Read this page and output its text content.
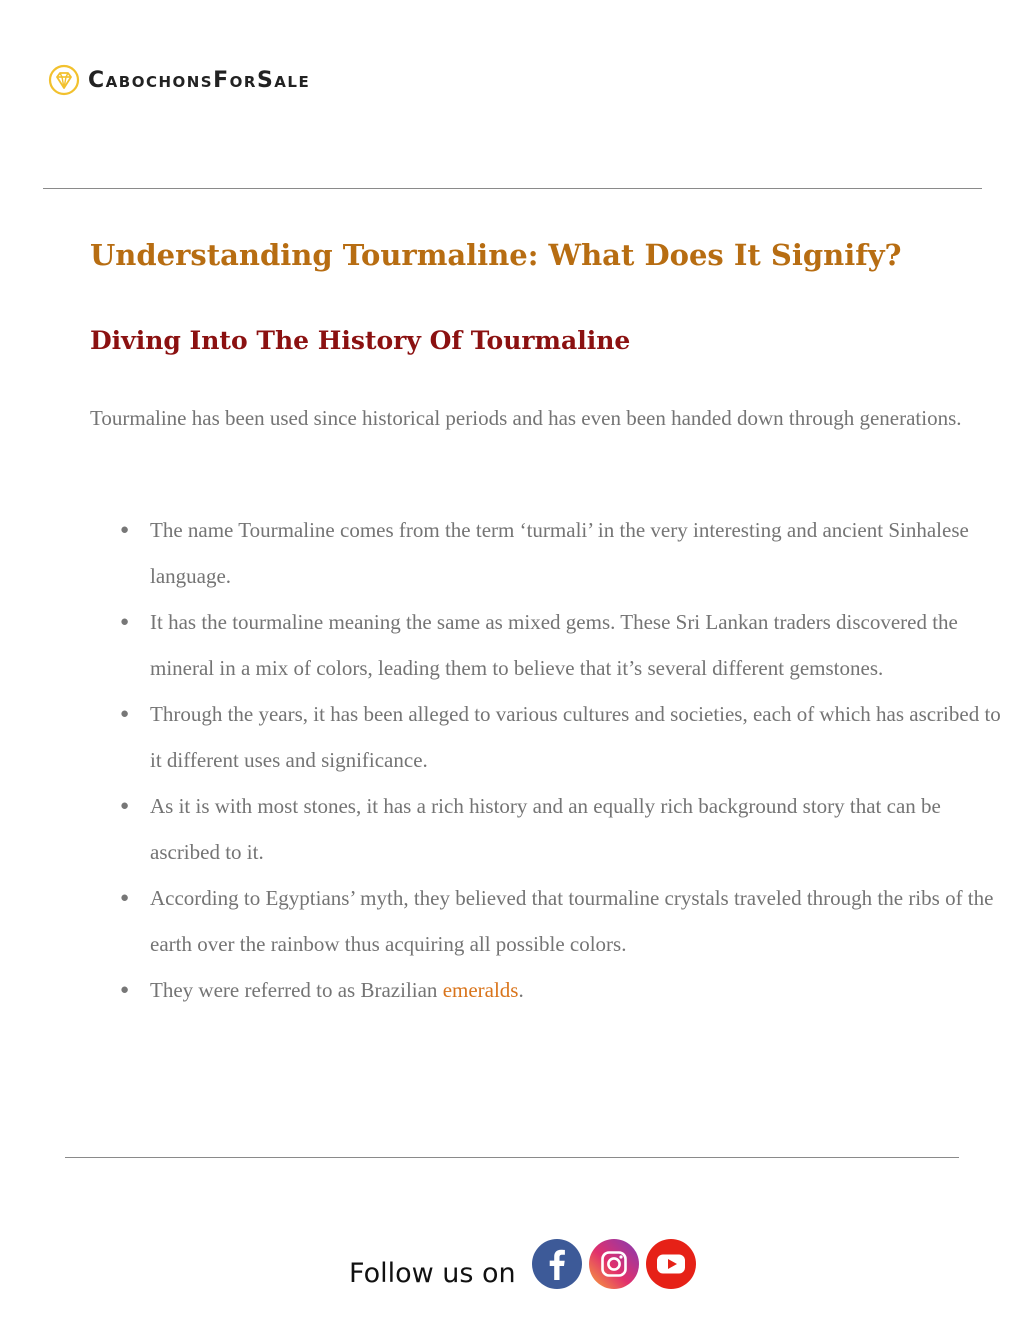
CabochonsForSale
Understanding Tourmaline: What Does It Signify?
Diving Into The History Of Tourmaline

Tourmaline has been used since historical periods and has even been handed down through generations.

● The name Tourmaline comes from the term ‘turmali’ in the very interesting and ancient Sinhalese language.
● It has the tourmaline meaning the same as mixed gems. These Sri Lankan traders discovered the mineral in a mix of colors, leading them to believe that it’s several different gemstones.
● Through the years, it has been alleged to various cultures and societies, each of which has ascribed to it different uses and significance.
● As it is with most stones, it has a rich history and an equally rich background story that can be ascribed to it.
● According to Egyptians’ myth, they believed that tourmaline crystals traveled through the ribs of the earth over the rainbow thus acquiring all possible colors.
● They were referred to as Brazilian emeralds.
Follow us on
